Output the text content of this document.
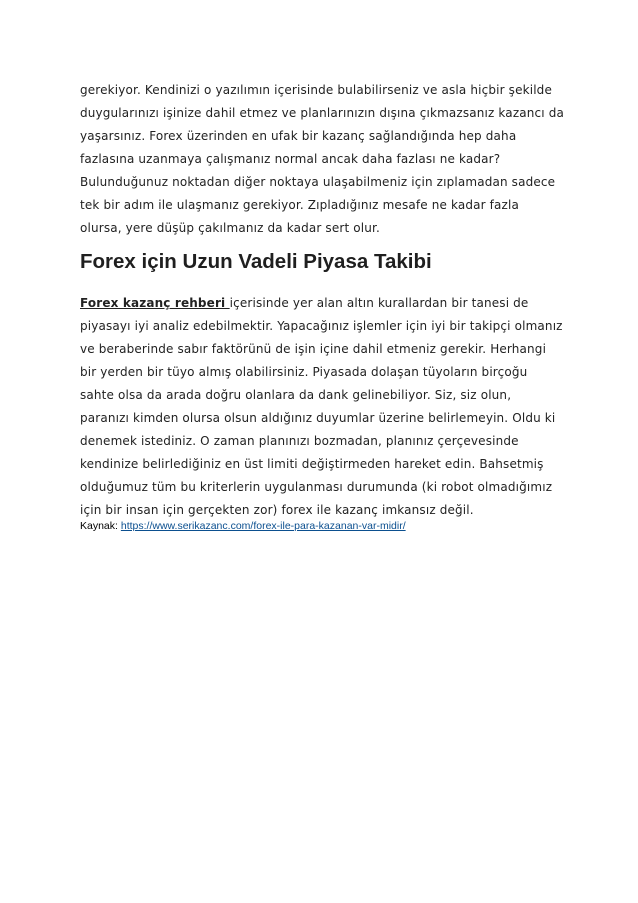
gerekiyor. Kendinizi o yazılımın içerisinde bulabilirseniz ve asla hiçbir şekilde
duygularınızı işinize dahil etmez ve planlarınızın dışına çıkmazsanız kazancı da
yaşarsınız. Forex üzerinden en ufak bir kazanç sağlandığında hep daha
fazlasına uzanmaya çalışmanız normal ancak daha fazlası ne kadar?
Bulunduğunuz noktadan diğer noktaya ulaşabilmeniz için zıplamadan sadece
tek bir adım ile ulaşmanız gerekiyor. Zıpladığınız mesafe ne kadar fazla
olursa, yere düşüp çakılmanız da kadar sert olur.

Forex için Uzun Vadeli Piyasa Takibi

Forex kazanç rehberi içerisinde yer alan altın kurallardan bir tanesi de
piyasayı iyi analiz edebilmektir. Yapacağınız işlemler için iyi bir takipçi olmanız
ve beraberinde sabır faktörünü de işin içine dahil etmeniz gerekir. Herhangi
bir yerden bir tüyo almış olabilirsiniz. Piyasada dolaşan tüyoların birçoğu
sahte olsa da arada doğru olanlara da dank gelinebiliyor. Siz, siz olun,
paranızı kimden olursa olsun aldığınız duyumlar üzerine belirlemeyin. Oldu ki
denemek istediniz. O zaman planınızı bozmadan, planınız çerçevesinde
kendinize belirlediğiniz en üst limiti değiştirmeden hareket edin. Bahsetmiş
olduğumuz tüm bu kriterlerin uygulanması durumunda (ki robot olmadığımız
için bir insan için gerçekten zor) forex ile kazanç imkansız değil.

Kaynak: https://www.serikazanc.com/forex-ile-para-kazanan-var-midir/
